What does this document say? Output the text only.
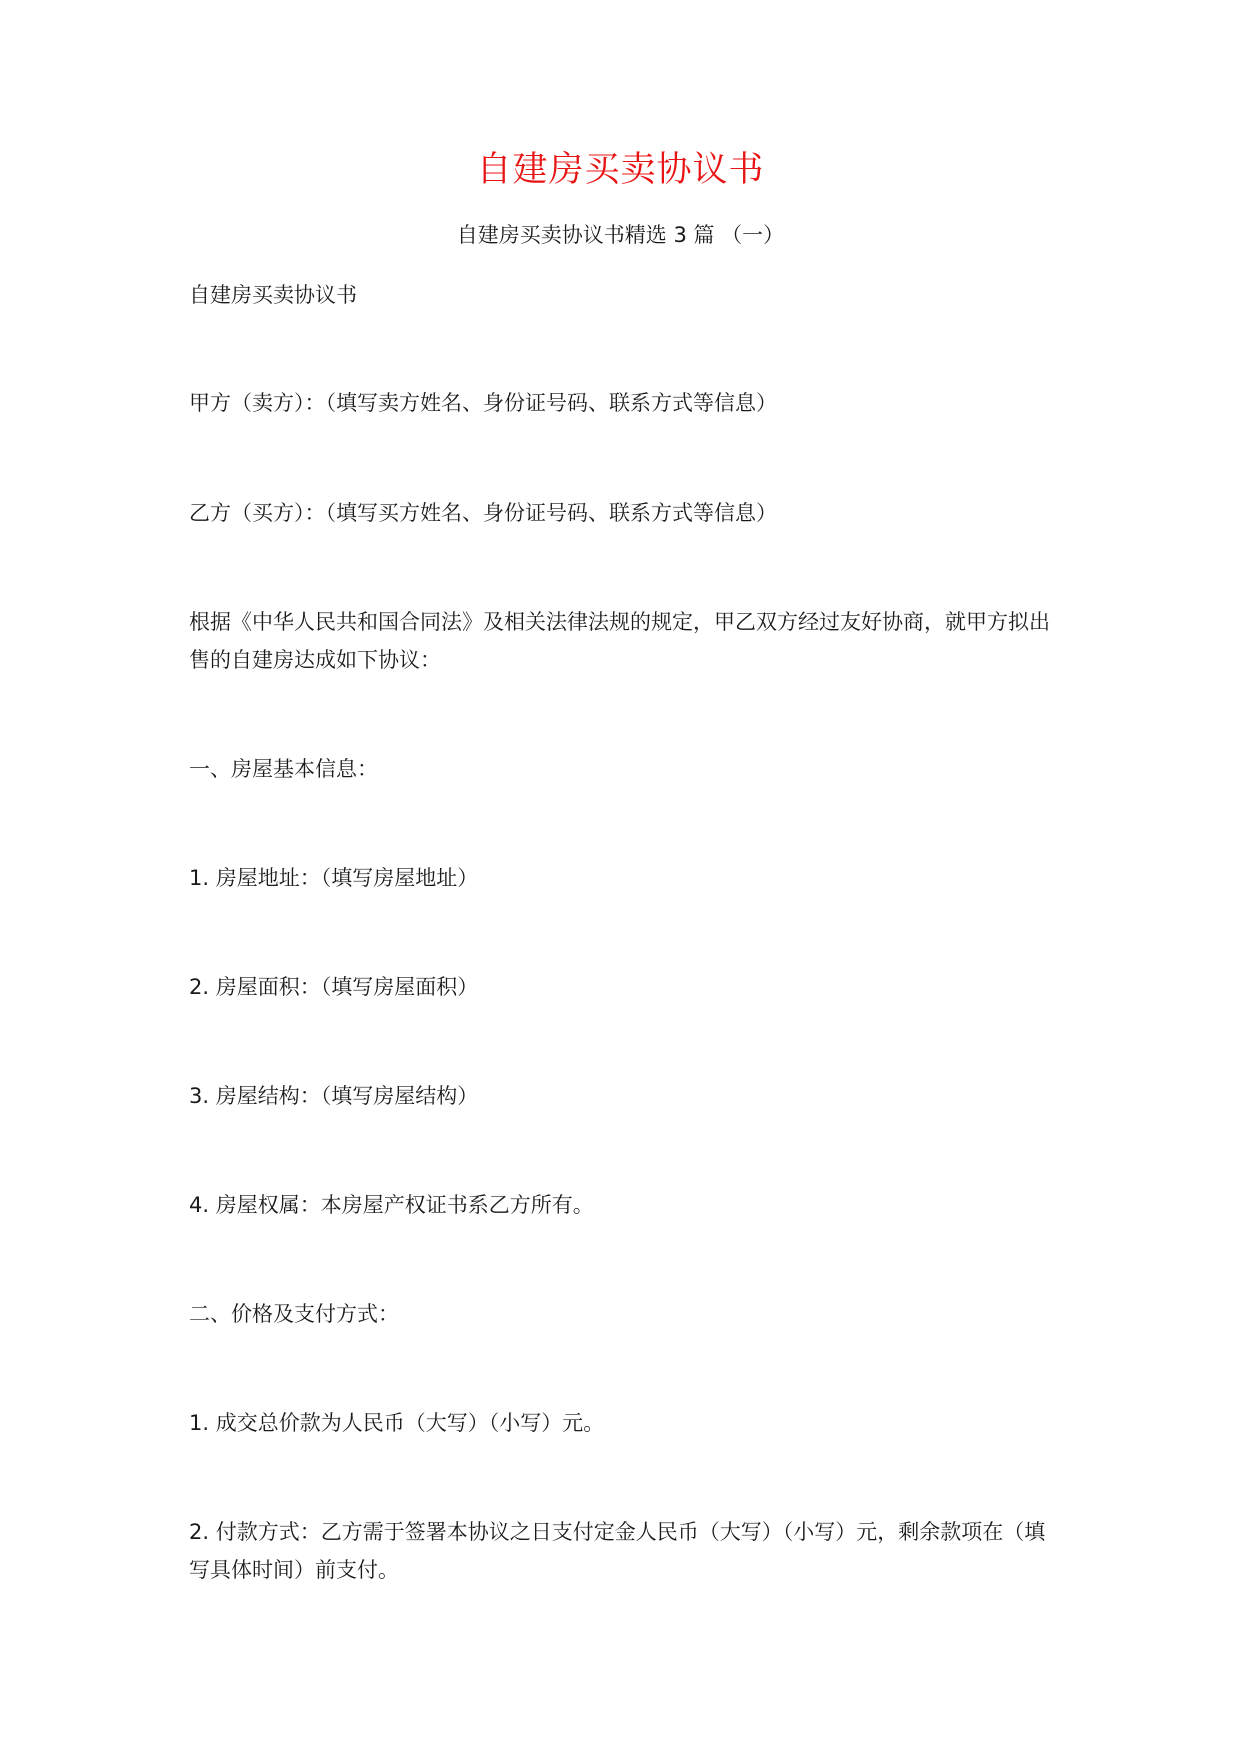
自建房买卖协议书
自建房买卖协议书精选 3 篇 （一）
自建房买卖协议书
甲方（卖方）：（填写卖方姓名、身份证号码、联系方式等信息）
乙方（买方）：（填写买方姓名、身份证号码、联系方式等信息）
根据《中华人民共和国合同法》及相关法律法规的规定，甲乙双方经过友好协商，就甲方拟出售的自建房达成如下协议：
一、房屋基本信息：
1. 房屋地址：（填写房屋地址）
2. 房屋面积：（填写房屋面积）
3. 房屋结构：（填写房屋结构）
4. 房屋权属：本房屋产权证书系乙方所有。
二、价格及支付方式：
1. 成交总价款为人民币（大写）（小写）元。
2. 付款方式：乙方需于签署本协议之日支付定金人民币（大写）（小写）元，剩余款项在（填写具体时间）前支付。
